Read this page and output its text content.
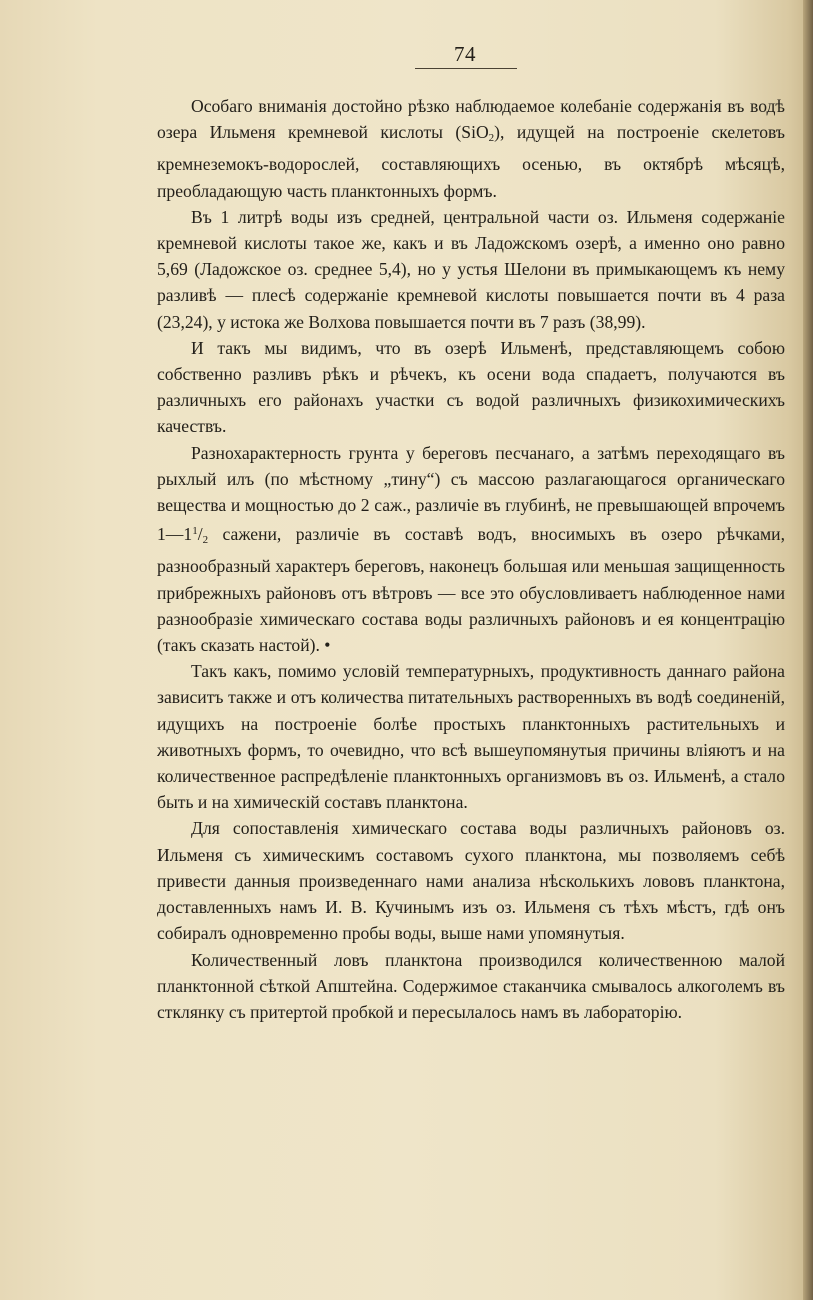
74

Особаго вниманія достойно рѣзко наблюдаемое колебаніе содержанія въ водѣ озера Ильменя кремневой кислоты (SiO$_2$), идущей на построеніе скелетовъ кремнеземокъ-водорослей, составляющихъ осенью, въ октябрѣ мѣсяцѣ, преобладающую часть планктонныхъ формъ.

Въ 1 литрѣ воды изъ средней, центральной части оз. Ильменя содержаніе кремневой кислоты такое же, какъ и въ Ладожскомъ озерѣ, а именно оно равно 5,69 (Ладожское оз. среднее 5,4), но у устья Шелони въ примыкающемъ къ нему разливѣ — плесѣ содержаніе кремневой кислоты повышается почти въ 4 раза (23,24), у истока же Волхова повышается почти въ 7 разъ (38,99).

И такъ мы видимъ, что въ озерѣ Ильменѣ, представляющемъ собою собственно разливъ рѣкъ и рѣчекъ, къ осени вода спадаетъ, получаются въ различныхъ его районахъ участки съ водой различныхъ физикохимическихъ качествъ.

Разнохарактерность грунта у береговъ песчанаго, а затѣмъ переходящаго въ рыхлый илъ (по мѣстному „тину“) съ массою разлагающагося органическаго вещества и мощностью до 2 саж., различіе въ глубинѣ, не превышающей впрочемъ $1—1^1/_2$ сажени, различіе въ составѣ водъ, вносимыхъ въ озеро рѣчками, разнообразный характеръ береговъ, наконецъ большая или меньшая защищенность прибрежныхъ районовъ отъ вѣтровъ — все это обусловливаетъ наблюденное нами разнообразіе химическаго состава воды различныхъ районовъ и ея концентрацію (такъ сказать настой). •

Такъ какъ, помимо условій температурныхъ, продуктивность даннаго района зависитъ также и отъ количества питательныхъ растворенныхъ въ водѣ соединеній, идущихъ на построеніе болѣе простыхъ планктонныхъ растительныхъ и животныхъ формъ, то очевидно, что всѣ вышеупомянутыя причины вліяютъ и на количественное распредѣленіе планктонныхъ организмовъ въ оз. Ильменѣ, а стало быть и на химическій составъ планктона.

Для сопоставленія химическаго состава воды различныхъ районовъ оз. Ильменя съ химическимъ составомъ сухого планктона, мы позволяемъ себѣ привести данныя произведеннаго нами анализа нѣсколькихъ лововъ планктона, доставленныхъ намъ И. В. Кучинымъ изъ оз. Ильменя съ тѣхъ мѣстъ, гдѣ онъ собиралъ одновременно пробы воды, выше нами упомянутыя.

Количественный ловъ планктона производился количественною малой планктонной сѣткой Апштейна. Содержимое стаканчика смывалось алкоголемъ въ стклянку съ притертой пробкой и пересылалось намъ въ лабораторію.
